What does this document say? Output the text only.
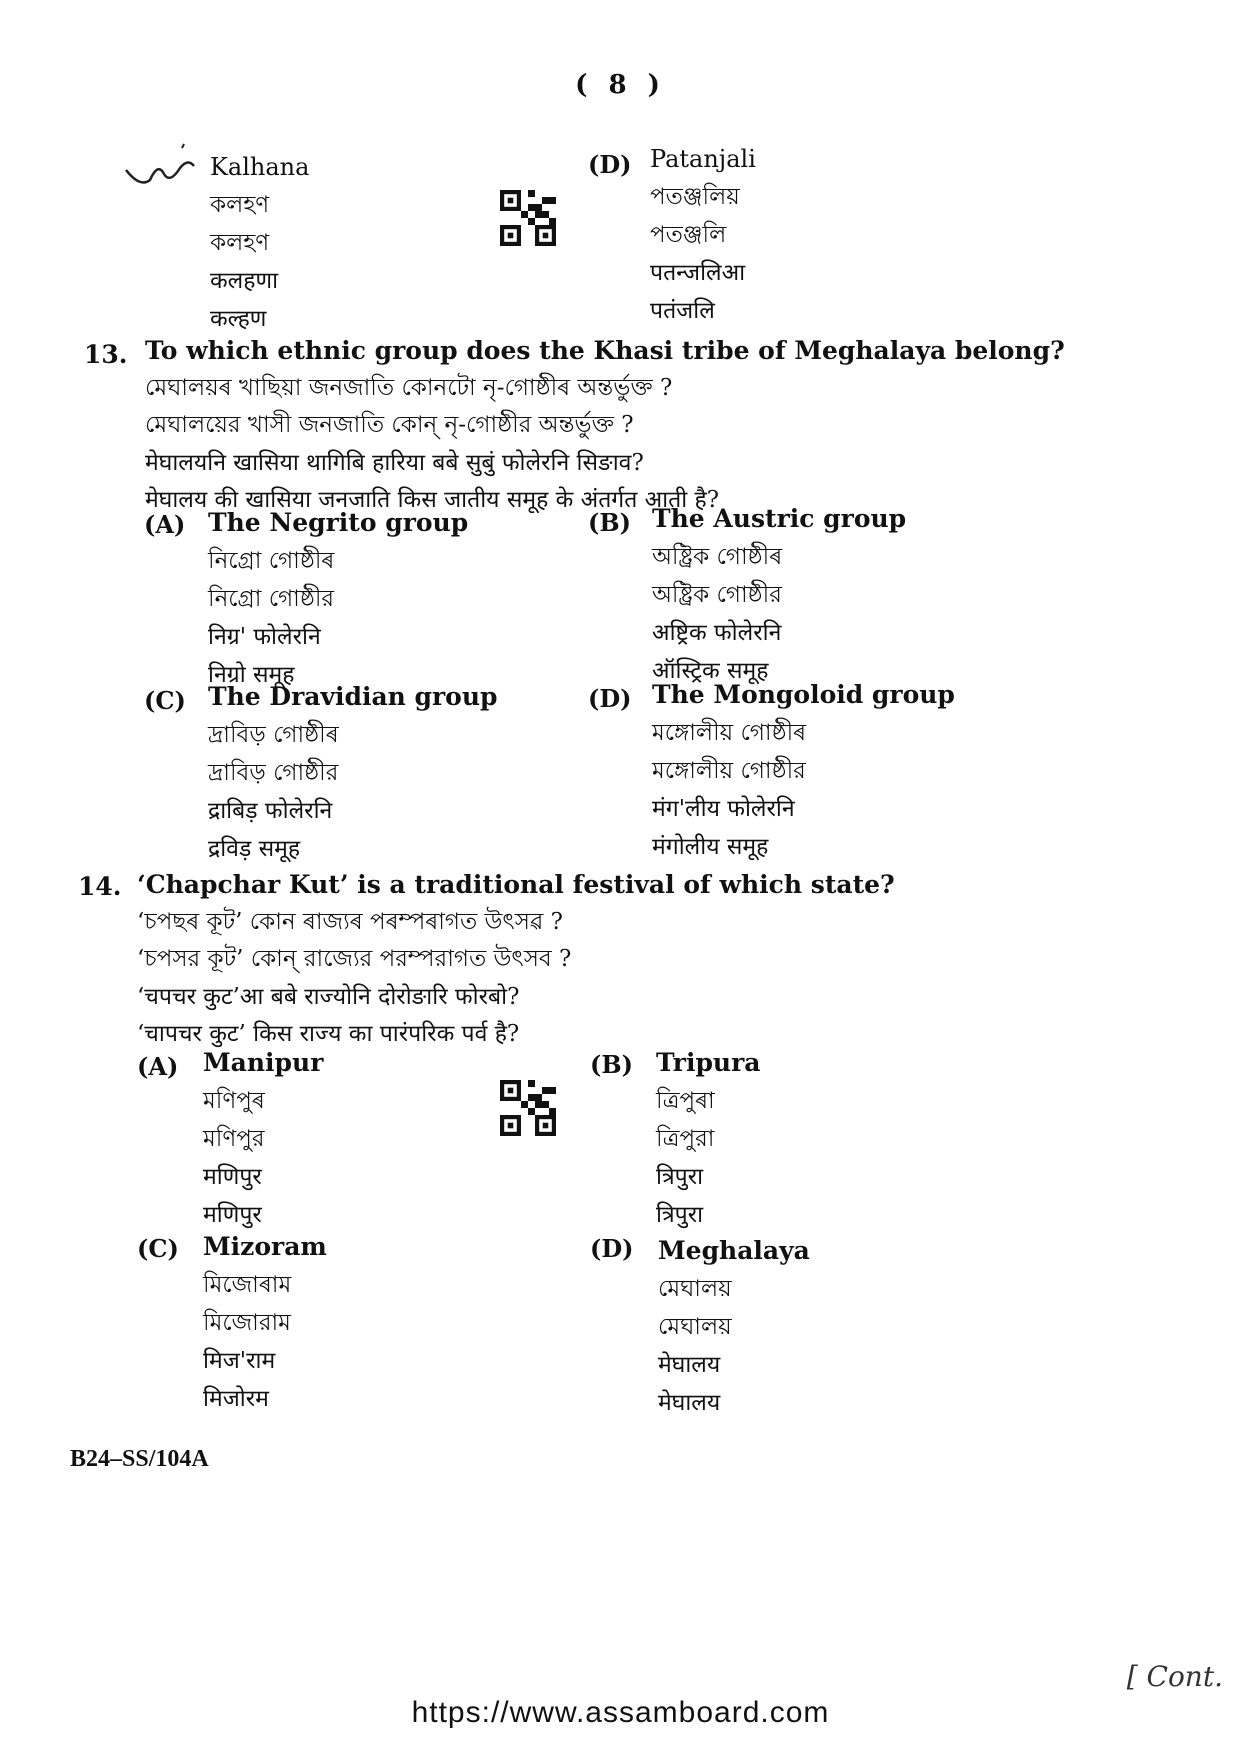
( 8 )
Kalhana
কলহণ
কলহণ
कलहणा
कल्हण
(D) Patanjali
পতঞ্জলিয়
পতঞ্জলি
पतन्जलिआ
पतंजलि
13. To which ethnic group does the Khasi tribe of Meghalaya belong?
মেঘালয়ৰ খাছিয়া জনজাতি কোনটো নৃ-গোষ্ঠীৰ অন্তৰ্ভুক্ত ?
মেঘালয়ের খাসী জনজাতি কোন্ নৃ-গোষ্ঠীর অন্তর্ভুক্ত ?
मेघालयनि खासिया थागिबि हारिया बबे सुबुं फोलेरनि सिङाव?
मेघालय की खासिया जनजाति किस जातीय समूह के अंतर्गत आती है?
(A) The Negrito group
নিগ্ৰো গোষ্ঠীৰ
নিগ্রো গোষ্ঠীর
निग्र' फोलेरनि
निग्रो समूह
(B) The Austric group
অষ্ট্ৰিক গোষ্ঠীৰ
অষ্ট্রিক গোষ্ঠীর
अष्ट्रिक फोलेरनि
ऑस्ट्रिक समूह
(C) The Dravidian group
দ্ৰাবিড় গোষ্ঠীৰ
দ্রাবিড় গোষ্ঠীর
द्राबिड़ फोलेरनि
द्रविड़ समूह
(D) The Mongoloid group
মঙ্গোলীয় গোষ্ঠীৰ
মঙ্গোলীয় গোষ্ঠীর
मंग'लीय फोलेरनि
मंगोलीय समूह
14. ‘Chapchar Kut’ is a traditional festival of which state?
‘চপছৰ কূট’ কোন ৰাজ্যৰ পৰম্পৰাগত উৎসৱ ?
‘চপসর কূট’ কোন্ রাজ্যের পরম্পরাগত উৎসব ?
‘चपचर कुट’आ बबे राज्योनि दोरोङारि फोरबो?
‘चापचर कुट’ किस राज्य का पारंपरिक पर्व है?
(A) Manipur
মণিপুৰ
মণিপুর
मणिपुर
मणिपुर
(B) Tripura
ত্ৰিপুৰা
ত্রিপুরা
त्रिपुरा
त्रिपुरा
(C) Mizoram
মিজোৰাম
মিজোরাম
मिज'राम
मिजोरम
(D) Meghalaya
মেঘালয়
মেঘালয়
मेघालय
मेघालय
B24–SS/104A
[ Cont.
https://www.assamboard.com
